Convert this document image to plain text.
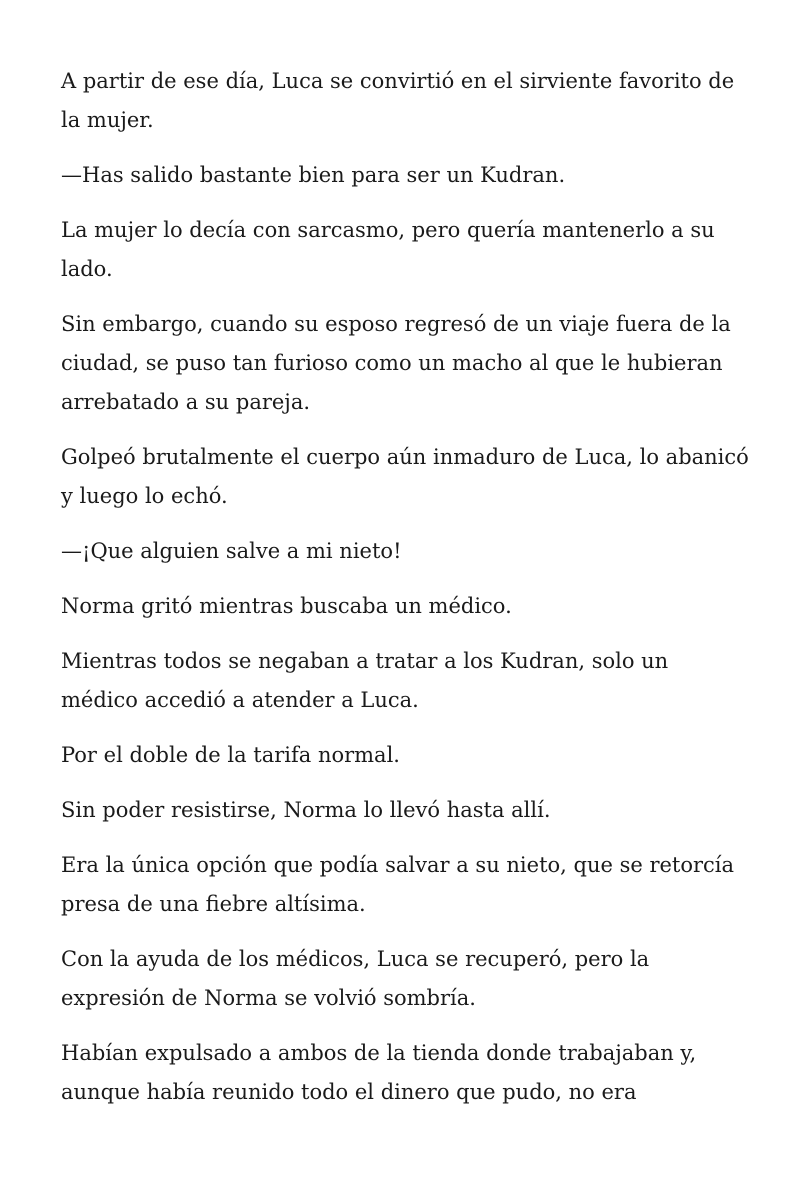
A partir de ese día, Luca se convirtió en el sirviente favorito de la mujer.

—Has salido bastante bien para ser un Kudran.

La mujer lo decía con sarcasmo, pero quería mantenerlo a su lado.

Sin embargo, cuando su esposo regresó de un viaje fuera de la ciudad, se puso tan furioso como un macho al que le hubieran arrebatado a su pareja.

Golpeó brutalmente el cuerpo aún inmaduro de Luca, lo abanicó y luego lo echó.

—¡Que alguien salve a mi nieto!

Norma gritó mientras buscaba un médico.

Mientras todos se negaban a tratar a los Kudran, solo un médico accedió a atender a Luca.

Por el doble de la tarifa normal.

Sin poder resistirse, Norma lo llevó hasta allí.

Era la única opción que podía salvar a su nieto, que se retorcía presa de una fiebre altísima.

Con la ayuda de los médicos, Luca se recuperó, pero la expresión de Norma se volvió sombría.

Habían expulsado a ambos de la tienda donde trabajaban y, aunque había reunido todo el dinero que pudo, no era
